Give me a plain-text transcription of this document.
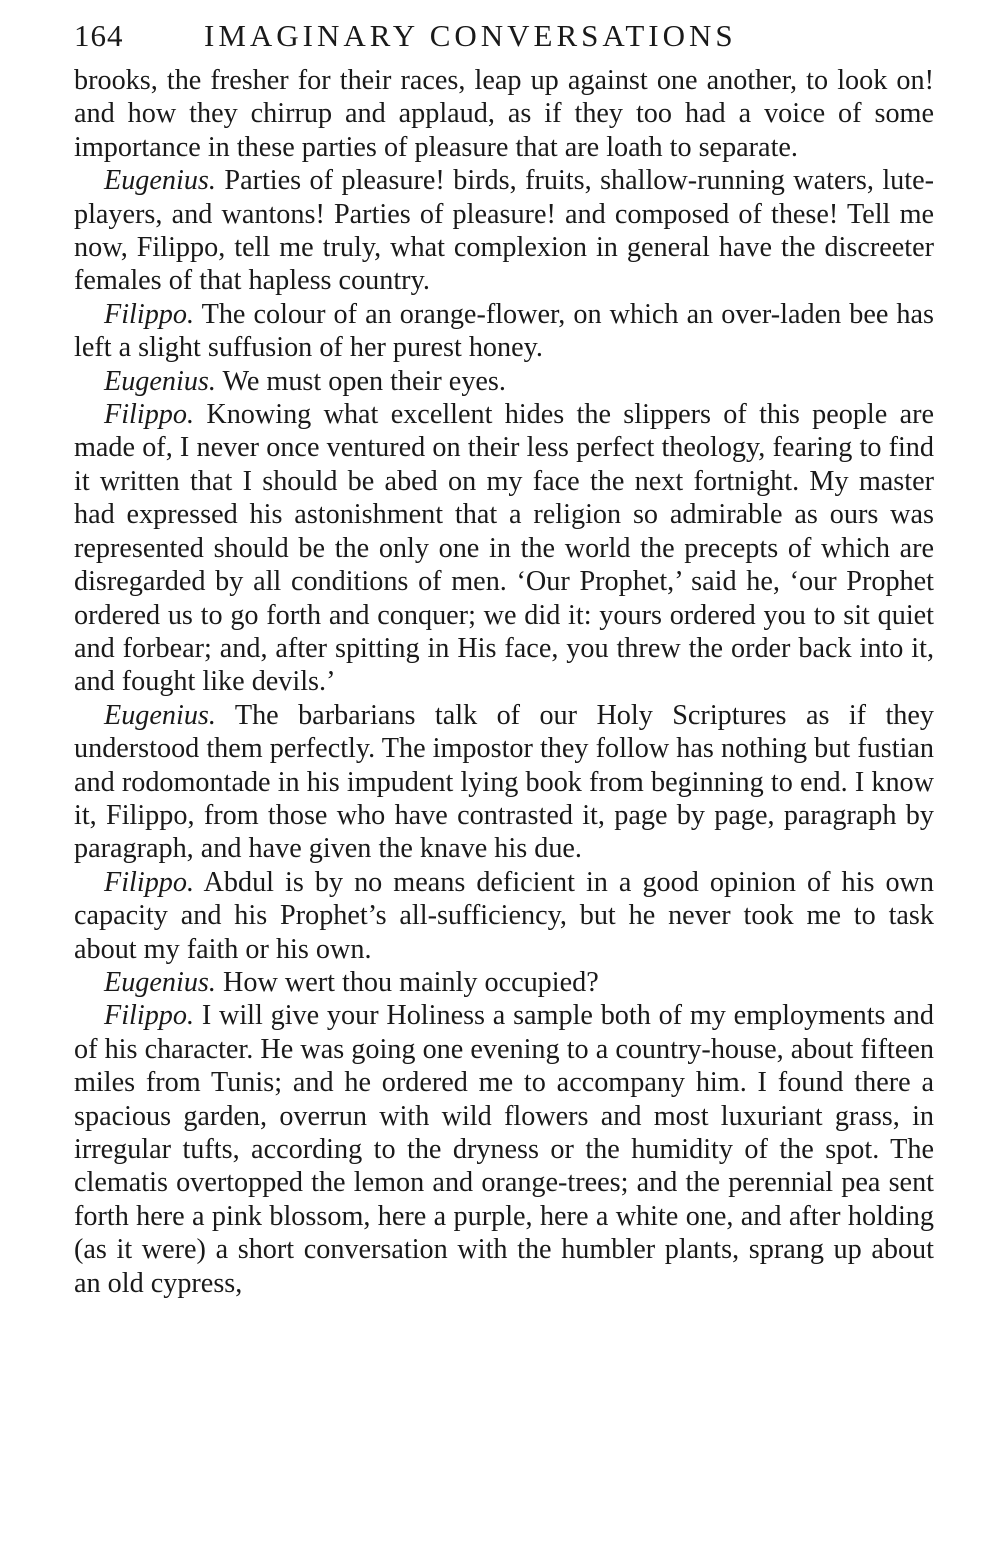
164	IMAGINARY CONVERSATIONS

brooks, the fresher for their races, leap up against one another, to look on! and how they chirrup and applaud, as if they too had a voice of some importance in these parties of pleasure that are loath to separate.

Eugenius. Parties of pleasure! birds, fruits, shallow-running waters, lute-players, and wantons! Parties of pleasure! and composed of these! Tell me now, Filippo, tell me truly, what complexion in general have the discreeter females of that hapless country.

Filippo. The colour of an orange-flower, on which an over-laden bee has left a slight suffusion of her purest honey.

Eugenius. We must open their eyes.

Filippo. Knowing what excellent hides the slippers of this people are made of, I never once ventured on their less perfect theology, fearing to find it written that I should be abed on my face the next fortnight. My master had expressed his astonishment that a religion so admirable as ours was represented should be the only one in the world the precepts of which are disregarded by all conditions of men. ‘Our Prophet,’ said he, ‘our Prophet ordered us to go forth and conquer; we did it: yours ordered you to sit quiet and forbear; and, after spitting in His face, you threw the order back into it, and fought like devils.’

Eugenius. The barbarians talk of our Holy Scriptures as if they understood them perfectly. The impostor they follow has nothing but fustian and rodomontade in his impudent lying book from beginning to end. I know it, Filippo, from those who have contrasted it, page by page, paragraph by paragraph, and have given the knave his due.

Filippo. Abdul is by no means deficient in a good opinion of his own capacity and his Prophet’s all-sufficiency, but he never took me to task about my faith or his own.

Eugenius. How wert thou mainly occupied?

Filippo. I will give your Holiness a sample both of my employments and of his character. He was going one evening to a country-house, about fifteen miles from Tunis; and he ordered me to accompany him. I found there a spacious garden, overrun with wild flowers and most luxuriant grass, in irregular tufts, according to the dryness or the humidity of the spot. The clematis overtopped the lemon and orange-trees; and the perennial pea sent forth here a pink blossom, here a purple, here a white one, and after holding (as it were) a short conversation with the humbler plants, sprang up about an old cypress,
